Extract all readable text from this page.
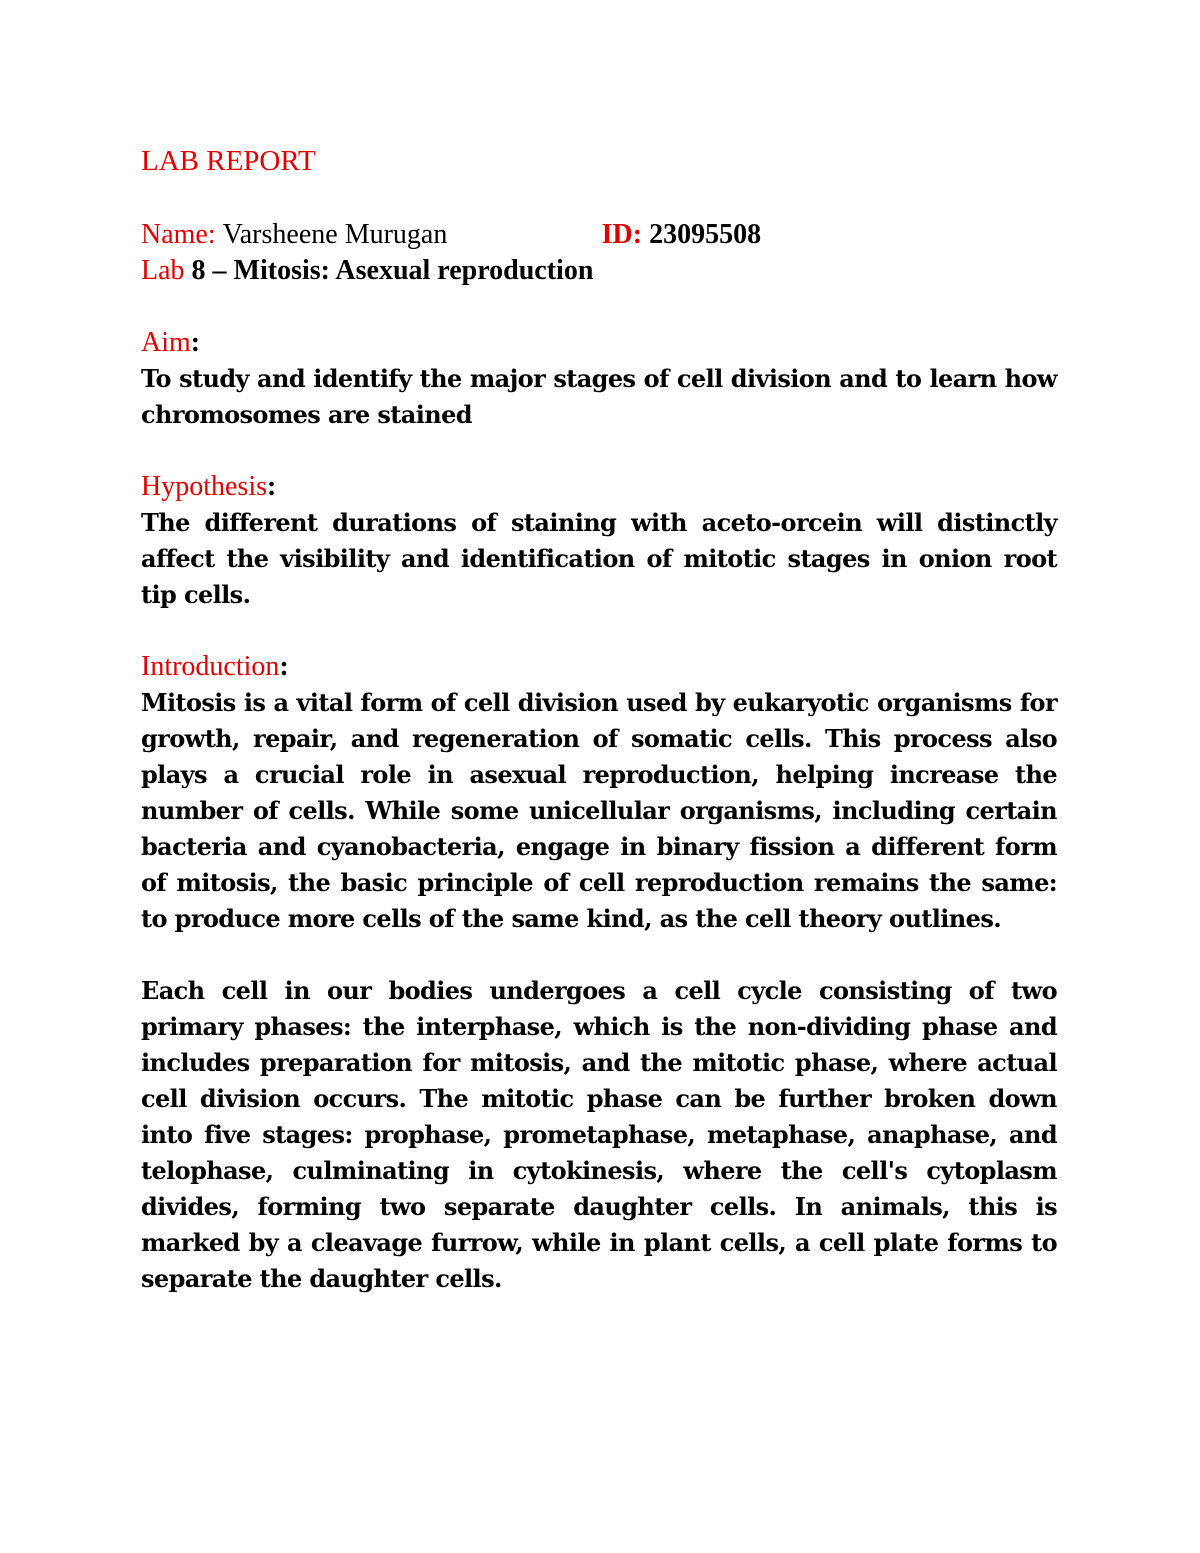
LAB REPORT

Name: Varsheene Murugan	ID: 23095508

Lab 8 – Mitosis: Asexual reproduction

Aim:

To study and identify the major stages of cell division and to learn how chromosomes are stained

Hypothesis:

The different durations of staining with aceto-orcein will distinctly affect the visibility and identification of mitotic stages in onion root tip cells.

Introduction:

Mitosis is a vital form of cell division used by eukaryotic organisms for growth, repair, and regeneration of somatic cells. This process also plays a crucial role in asexual reproduction, helping increase the number of cells. While some unicellular organisms, including certain bacteria and cyanobacteria, engage in binary fission a different form of mitosis, the basic principle of cell reproduction remains the same: to produce more cells of the same kind, as the cell theory outlines.

Each cell in our bodies undergoes a cell cycle consisting of two primary phases: the interphase, which is the non-dividing phase and includes preparation for mitosis, and the mitotic phase, where actual cell division occurs. The mitotic phase can be further broken down into five stages: prophase, prometaphase, metaphase, anaphase, and telophase, culminating in cytokinesis, where the cell's cytoplasm divides, forming two separate daughter cells. In animals, this is marked by a cleavage furrow, while in plant cells, a cell plate forms to separate the daughter cells.
